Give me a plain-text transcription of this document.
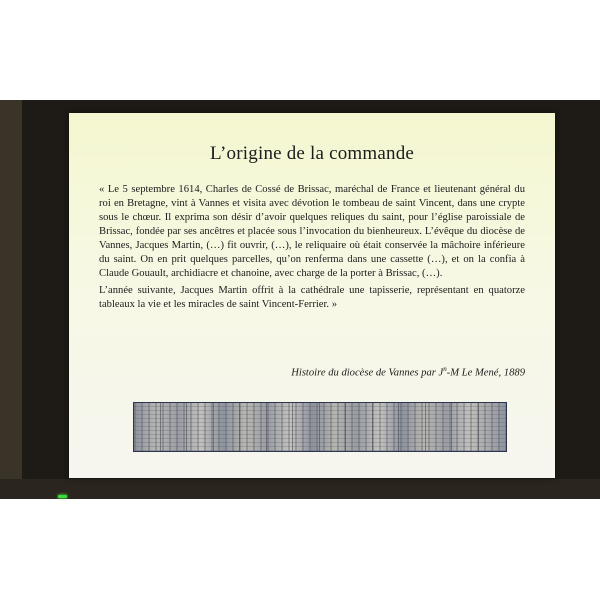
L’origine de la commande

« Le 5 septembre 1614, Charles de Cossé de Brissac, maréchal de France et lieutenant général du roi en Bretagne, vint à Vannes et visita avec dévotion le tombeau de saint Vincent, dans une crypte sous le chœur. Il exprima son désir d’avoir quelques reliques du saint, pour l’église paroissiale de Brissac, fondée par ses ancêtres et placée sous l’invocation du bienheureux. L’évêque du diocèse de Vannes, Jacques Martin, (…) fit ouvrir, (…), le reliquaire où était conservée la mâchoire inférieure du saint. On en prit quelques parcelles, qu’on renferma dans une cassette (…), et on la confia à Claude Gouault, archidiacre et chanoine, avec charge de la porter à Brissac, (…).

L’année suivante, Jacques Martin offrit à la cathédrale une tapisserie, représentant en quatorze tableaux la vie et les miracles de saint Vincent-Ferrier. »

Histoire du diocèse de Vannes par $J^n-M$ Le Mené, 1889
